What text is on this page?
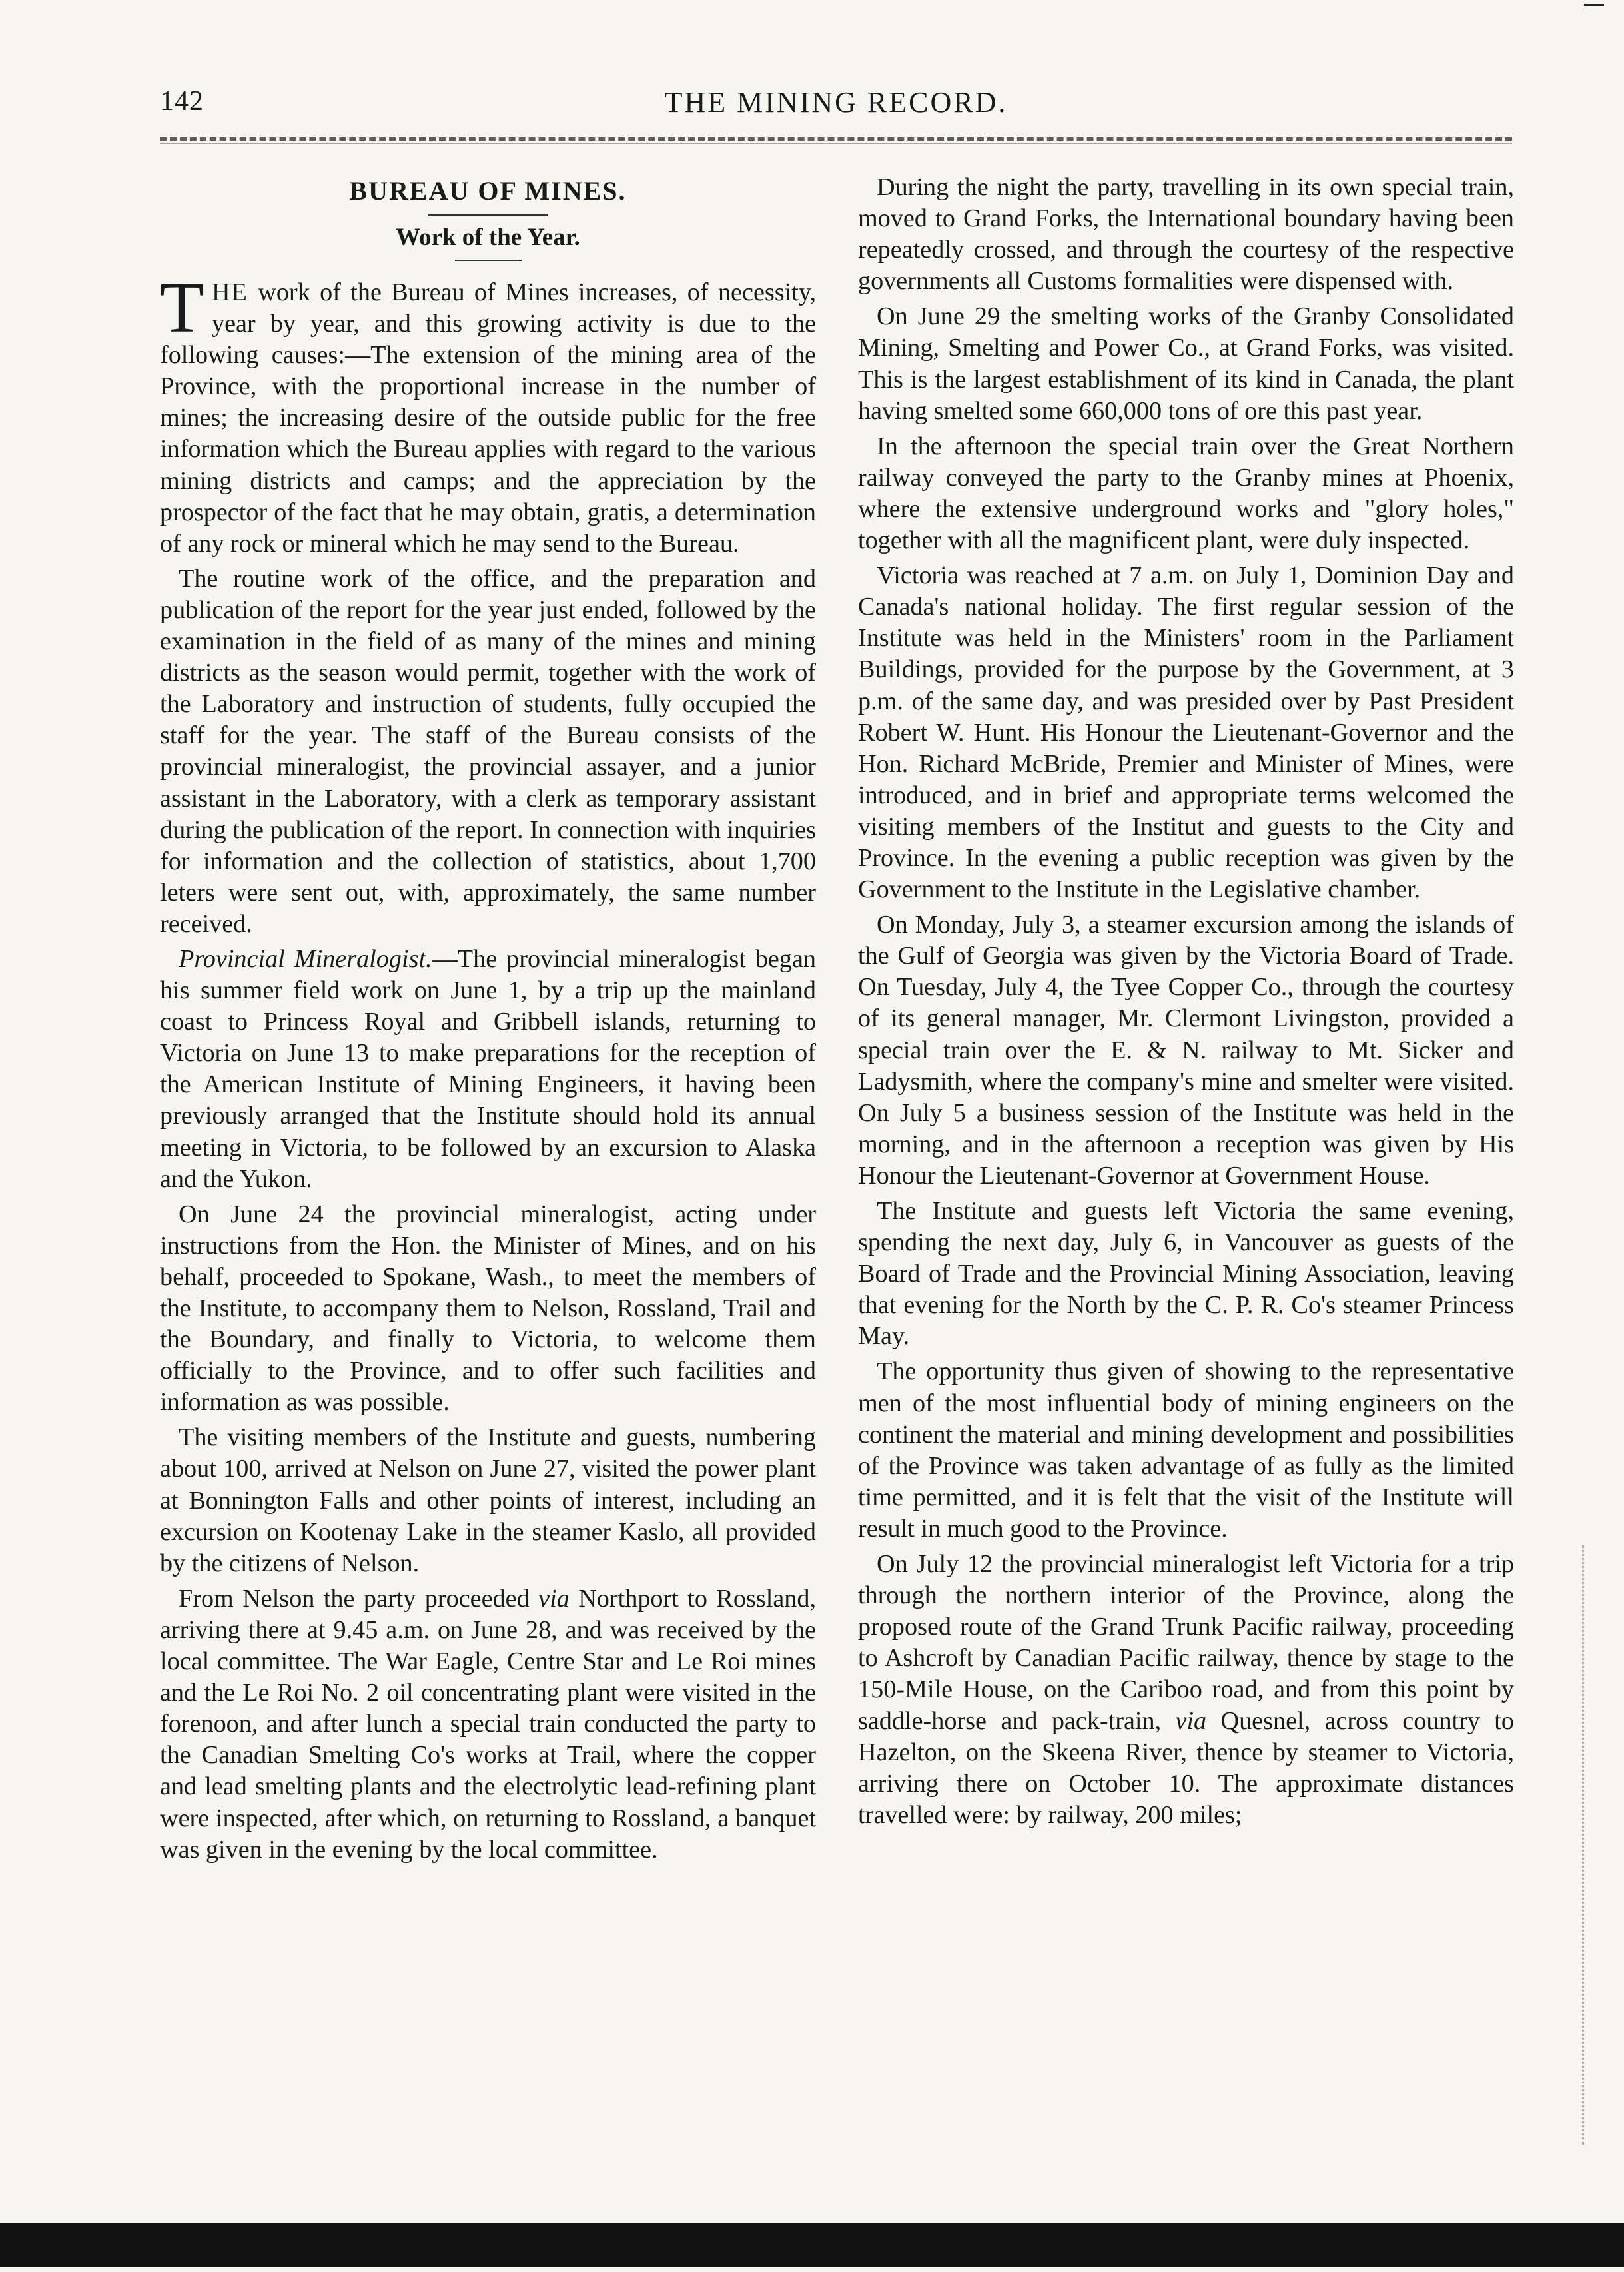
142	THE MINING RECORD.
BUREAU OF MINES.
Work of the Year.

THE work of the Bureau of Mines increases, of necessity, year by year, and this growing activity is due to the following causes:—The extension of the mining area of the Province, with the proportional increase in the number of mines; the increasing desire of the outside public for the free information which the Bureau applies with regard to the various mining districts and camps; and the appreciation by the prospector of the fact that he may obtain, gratis, a determination of any rock or mineral which he may send to the Bureau.

The routine work of the office, and the preparation and publication of the report for the year just ended, followed by the examination in the field of as many of the mines and mining districts as the season would permit, together with the work of the Laboratory and instruction of students, fully occupied the staff for the year. The staff of the Bureau consists of the provincial mineralogist, the provincial assayer, and a junior assistant in the Laboratory, with a clerk as temporary assistant during the publication of the report. In connection with inquiries for information and the collection of statistics, about 1,700 leters were sent out, with, approximately, the same number received.

Provincial Mineralogist.—The provincial mineralogist began his summer field work on June 1, by a trip up the mainland coast to Princess Royal and Gribbell islands, returning to Victoria on June 13 to make preparations for the reception of the American Institute of Mining Engineers, it having been previously arranged that the Institute should hold its annual meeting in Victoria, to be followed by an excursion to Alaska and the Yukon.

On June 24 the provincial mineralogist, acting under instructions from the Hon. the Minister of Mines, and on his behalf, proceeded to Spokane, Wash., to meet the members of the Institute, to accompany them to Nelson, Rossland, Trail and the Boundary, and finally to Victoria, to welcome them officially to the Province, and to offer such facilities and information as was possible.

The visiting members of the Institute and guests, numbering about 100, arrived at Nelson on June 27, visited the power plant at Bonnington Falls and other points of interest, including an excursion on Kootenay Lake in the steamer Kaslo, all provided by the citizens of Nelson.

From Nelson the party proceeded via Northport to Rossland, arriving there at 9.45 a.m. on June 28, and was received by the local committee. The War Eagle, Centre Star and Le Roi mines and the Le Roi No. 2 oil concentrating plant were visited in the forenoon, and after lunch a special train conducted the party to the Canadian Smelting Co's works at Trail, where the copper and lead smelting plants and the electrolytic lead-refining plant were inspected, after which, on returning to Rossland, a banquet was given in the evening by the local committee.

During the night the party, travelling in its own special train, moved to Grand Forks, the International boundary having been repeatedly crossed, and through the courtesy of the respective governments all Customs formalities were dispensed with.

On June 29 the smelting works of the Granby Consolidated Mining, Smelting and Power Co., at Grand Forks, was visited. This is the largest establishment of its kind in Canada, the plant having smelted some 660,000 tons of ore this past year.

In the afternoon the special train over the Great Northern railway conveyed the party to the Granby mines at Phoenix, where the extensive underground works and "glory holes," together with all the magnificent plant, were duly inspected.

Victoria was reached at 7 a.m. on July 1, Dominion Day and Canada's national holiday. The first regular session of the Institute was held in the Ministers' room in the Parliament Buildings, provided for the purpose by the Government, at 3 p.m. of the same day, and was presided over by Past President Robert W. Hunt. His Honour the Lieutenant-Governor and the Hon. Richard McBride, Premier and Minister of Mines, were introduced, and in brief and appropriate terms welcomed the visiting members of the Institut and guests to the City and Province. In the evening a public reception was given by the Government to the Institute in the Legislative chamber.

On Monday, July 3, a steamer excursion among the islands of the Gulf of Georgia was given by the Victoria Board of Trade. On Tuesday, July 4, the Tyee Copper Co., through the courtesy of its general manager, Mr. Clermont Livingston, provided a special train over the E. & N. railway to Mt. Sicker and Ladysmith, where the company's mine and smelter were visited. On July 5 a business session of the Institute was held in the morning, and in the afternoon a reception was given by His Honour the Lieutenant-Governor at Government House.

The Institute and guests left Victoria the same evening, spending the next day, July 6, in Vancouver as guests of the Board of Trade and the Provincial Mining Association, leaving that evening for the North by the C. P. R. Co's steamer Princess May.

The opportunity thus given of showing to the representative men of the most influential body of mining engineers on the continent the material and mining development and possibilities of the Province was taken advantage of as fully as the limited time permitted, and it is felt that the visit of the Institute will result in much good to the Province.

On July 12 the provincial mineralogist left Victoria for a trip through the northern interior of the Province, along the proposed route of the Grand Trunk Pacific railway, proceeding to Ashcroft by Canadian Pacific railway, thence by stage to the 150-Mile House, on the Cariboo road, and from this point by saddle-horse and pack-train, via Quesnel, across country to Hazelton, on the Skeena River, thence by steamer to Victoria, arriving there on October 10. The approximate distances travelled were: by railway, 200 miles;
